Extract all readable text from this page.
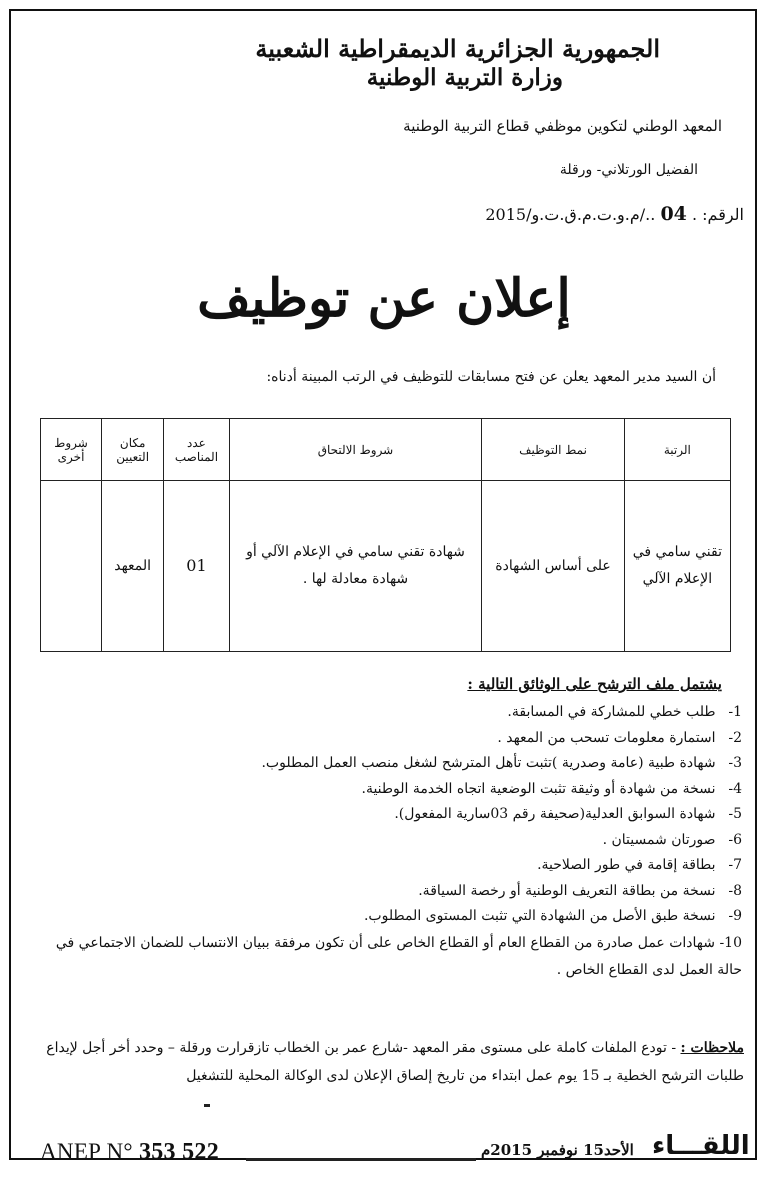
الجمهورية الجزائرية الديمقراطية الشعبية
وزارة التربية الوطنية
المعهد الوطني لتكوين موظفي قطاع التربية الوطنية
الفضيل الورتلاني- ورقلة
الرقم: . 04 ../م.و.ت.م.ق.ت.و/2015
إعلان عن توظيف
أن السيد مدير المعهد يعلن عن فتح مسابقات للتوظيف في الرتب المبينة أدناه:
الرتبة	نمط التوظيف	شروط الالتحاق	عدد المناصب	مكان التعيين	شروط أخرى
تقني سامي في الإعلام الآلي	على أساس الشهادة	شهادة تقني سامي في الإعلام الآلي أو شهادة معادلة لها .	01	المعهد	
يشتمل ملف الترشح على الوثائق التالية :
1- طلب خطي للمشاركة في المسابقة.
2- استمارة معلومات تسحب من المعهد .
3- شهادة طبية (عامة وصدرية )تثبت تأهل المترشح لشغل منصب العمل المطلوب.
4- نسخة من شهادة أو وثيقة تثبت الوضعية اتجاه الخدمة الوطنية.
5- شهادة السوابق العدلية(صحيفة رقم 03سارية المفعول).
6- صورتان شمسيتان .
7- بطاقة إقامة في طور الصلاحية.
8- نسخة من بطاقة التعريف الوطنية أو رخصة السياقة.
9- نسخة طبق الأصل من الشهادة التي تثبت المستوى المطلوب.
10- شهادات عمل صادرة من القطاع العام أو القطاع الخاص على أن تكون مرفقة ببيان الانتساب للضمان الاجتماعي في حالة العمل لدى القطاع الخاص .
ملاحظات : - تودع الملفات كاملة على مستوى مقر المعهد -شارع عمر بن الخطاب تازقرارت ورقلة – وحدد أخر أجل لإيداع طلبات الترشح الخطية بـ 15 يوم عمل ابتداء من تاريخ إلصاق الإعلان لدى الوكالة المحلية للتشغيل
ANEP N° 353 522	الأحد15 نوفمبر 2015م اللقـــاء
